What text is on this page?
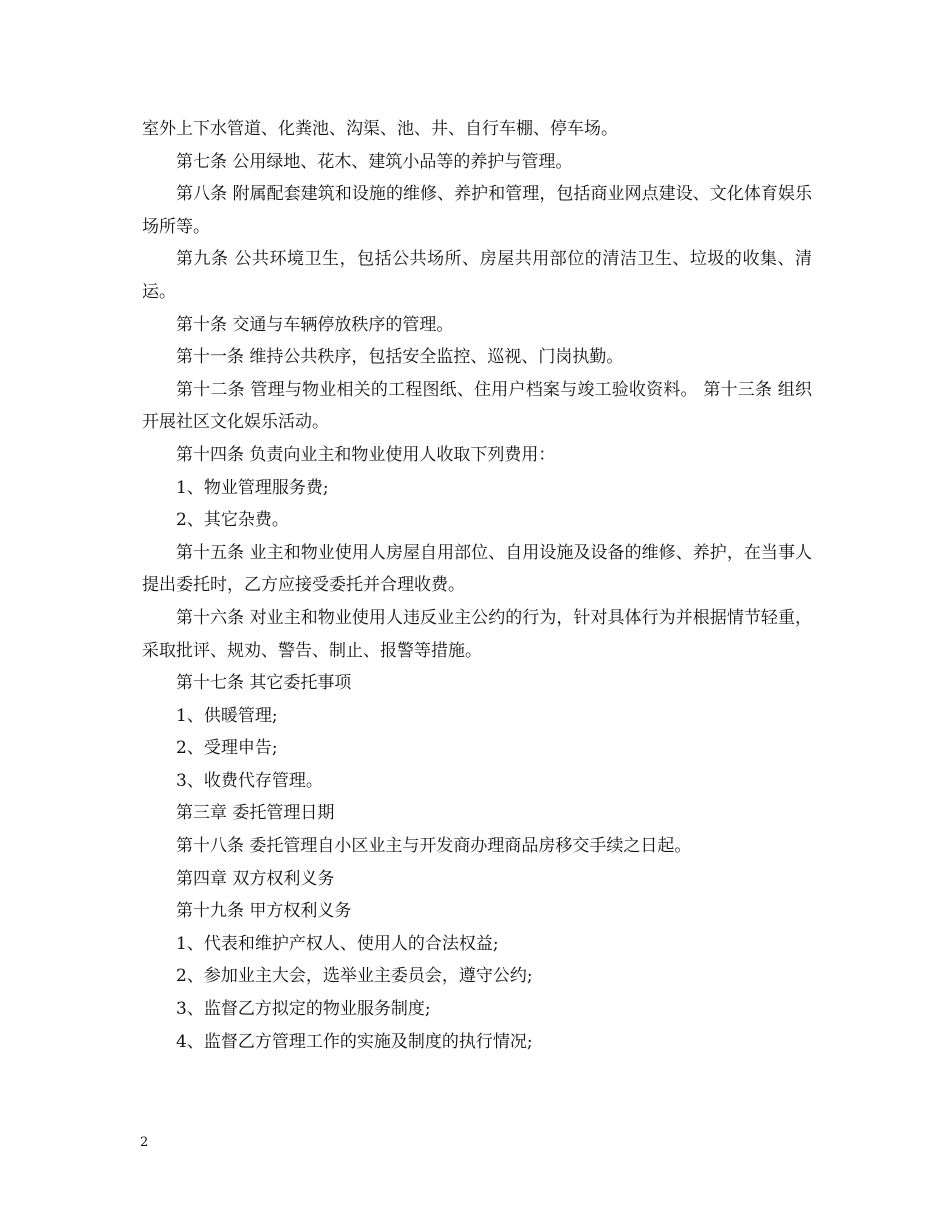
室外上下水管道、化粪池、沟渠、池、井、自行车棚、停车场。

第七条 公用绿地、花木、建筑小品等的养护与管理。

第八条 附属配套建筑和设施的维修、养护和管理，包括商业网点建设、文化体育娱乐场所等。

第九条 公共环境卫生，包括公共场所、房屋共用部位的清洁卫生、垃圾的收集、清运。

第十条 交通与车辆停放秩序的管理。

第十一条 维持公共秩序，包括安全监控、巡视、门岗执勤。

第十二条 管理与物业相关的工程图纸、住用户档案与竣工验收资料。 第十三条 组织开展社区文化娱乐活动。

第十四条 负责向业主和物业使用人收取下列费用：

1、物业管理服务费;

2、其它杂费。

第十五条 业主和物业使用人房屋自用部位、自用设施及设备的维修、养护，在当事人提出委托时，乙方应接受委托并合理收费。

第十六条 对业主和物业使用人违反业主公约的行为，针对具体行为并根据情节轻重，采取批评、规劝、警告、制止、报警等措施。

第十七条 其它委托事项

1、供暖管理;

2、受理申告;

3、收费代存管理。

第三章 委托管理日期

第十八条 委托管理自小区业主与开发商办理商品房移交手续之日起。

第四章 双方权利义务

第十九条 甲方权利义务

1、代表和维护产权人、使用人的合法权益;

2、参加业主大会，选举业主委员会，遵守公约;

3、监督乙方拟定的物业服务制度;

4、监督乙方管理工作的实施及制度的执行情况;

2
